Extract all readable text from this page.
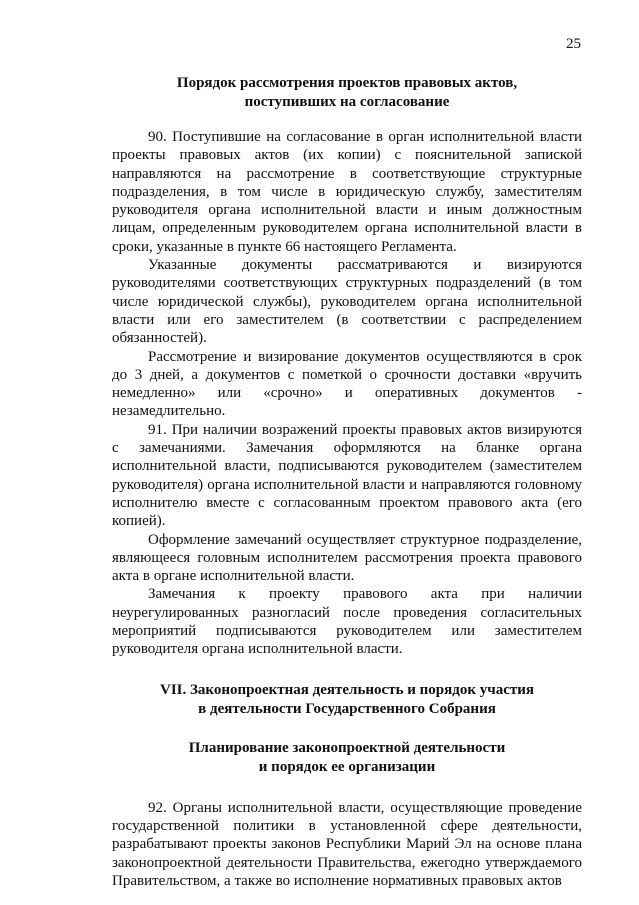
25
Порядок рассмотрения проектов правовых актов,
поступивших на согласование

90. Поступившие на согласование в орган исполнительной власти проекты правовых актов (их копии) с пояснительной запиской направляются на рассмотрение в соответствующие структурные подразделения, в том числе в юридическую службу, заместителям руководителя органа исполнительной власти и иным должностным лицам, определенным руководителем органа исполнительной власти в сроки, указанные в пункте 66 настоящего Регламента.

Указанные документы рассматриваются и визируются руководителями соответствующих структурных подразделений (в том числе юридической службы), руководителем органа исполнительной власти или его заместителем (в соответствии с распределением обязанностей).

Рассмотрение и визирование документов осуществляются в срок до 3 дней, а документов с пометкой о срочности доставки «вручить немедленно» или «срочно» и оперативных документов - незамедлительно.

91. При наличии возражений проекты правовых актов визируются с замечаниями. Замечания оформляются на бланке органа исполнительной власти, подписываются руководителем (заместителем руководителя) органа исполнительной власти и направляются головному исполнителю вместе с согласованным проектом правового акта (его копией).

Оформление замечаний осуществляет структурное подразделение, являющееся головным исполнителем рассмотрения проекта правового акта в органе исполнительной власти.

Замечания к проекту правового акта при наличии неурегулированных разногласий после проведения согласительных мероприятий подписываются руководителем или заместителем руководителя органа исполнительной власти.

VII. Законопроектная деятельность и порядок участия
в деятельности Государственного Собрания
Планирование законопроектной деятельности
и порядок ее организации

92. Органы исполнительной власти, осуществляющие проведение государственной политики в установленной сфере деятельности, разрабатывают проекты законов Республики Марий Эл на основе плана законопроектной деятельности Правительства, ежегодно утверждаемого Правительством, а также во исполнение нормативных правовых актов
